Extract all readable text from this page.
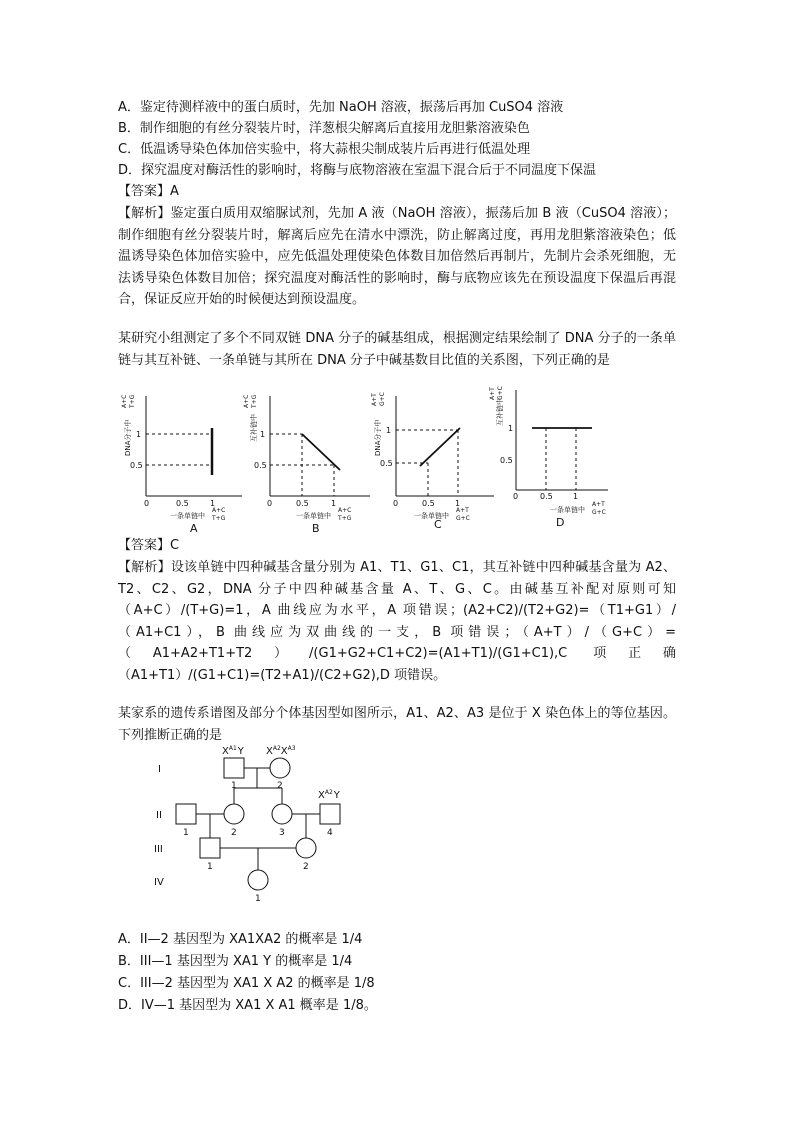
A．鉴定待测样液中的蛋白质时，先加 NaOH 溶液，振荡后再加 CuSO4 溶液
B．制作细胞的有丝分裂装片时，洋葱根尖解离后直接用龙胆紫溶液染色
C．低温诱导染色体加倍实验中，将大蒜根尖制成装片后再进行低温处理
D．探究温度对酶活性的影响时，将酶与底物溶液在室温下混合后于不同温度下保温
【答案】A
【解析】鉴定蛋白质用双缩脲试剂，先加 A 液（NaOH 溶液），振荡后加 B 液（CuSO4 溶液）；制作细胞有丝分裂装片时，解离后应先在清水中漂洗，防止解离过度，再用龙胆紫溶液染色；低温诱导染色体加倍实验中，应先低温处理使染色体数目加倍然后再制片，先制片会杀死细胞，无法诱导染色体数目加倍；探究温度对酶活性的影响时，酶与底物应该先在预设温度下保温后再混合，保证反应开始的时候便达到预设温度。
某研究小组测定了多个不同双链 DNA 分子的碱基组成，根据测定结果绘制了 DNA 分子的一条单链与其互补链、一条单链与其所在 DNA 分子中碱基数目比值的关系图，下列正确的是
DNA分子中
A+C T+G
1
0.5
0	0.5	1
一条单链中
A+C
T+G
A
互补链中
A+C T+G
1
0.5
0	0.5	1
一条单链中
A+C
T+G
B
DNA分子中
A+T G+C
1
0.5
0	0.5	1
一条单链中
A+T
G+C
C
互补链中
A+T G+C
1
0.5
0	0.5	1
一条单链中
A+T
G+C
D
【答案】C
【解析】设该单链中四种碱基含量分别为 A1、T1、G1、C1，其互补链中四种碱基含量为 A2、T2、C2、G2，DNA 分子中四种碱基含量 A、T、G、C。由碱基互补配对原则可知（A+C）/(T+G)=1，A 曲线应为水平，A 项错误；(A2+C2)/(T2+G2)=（T1+G1）/（A1+C1），B 曲线应为双曲线的一支，B 项错误；（A+T）/（G+C）=（A1+A2+T1+T2）/(G1+G2+C1+C2)=(A1+T1)/(G1+C1),C 项正确（A1+T1）/(G1+C1)=(T2+A1)/(C2+G2),D 项错误。
某家系的遗传系谱图及部分个体基因型如图所示，A1、A2、A3 是位于 X 染色体上的等位基因。下列推断正确的是
I
II
III
IV
1	2
1	2	3	4
1	2
1
$X^{A1}Y$ $X^{A2}X^{A3}$
$X^{A2}Y$
A．II—2 基因型为 XA1XA2 的概率是 1/4
B．III—1 基因型为 XA1 Y 的概率是 1/4
C．III—2 基因型为 XA1 X A2 的概率是 1/8
D．IV—1 基因型为 XA1 X A1 概率是 1/8。
